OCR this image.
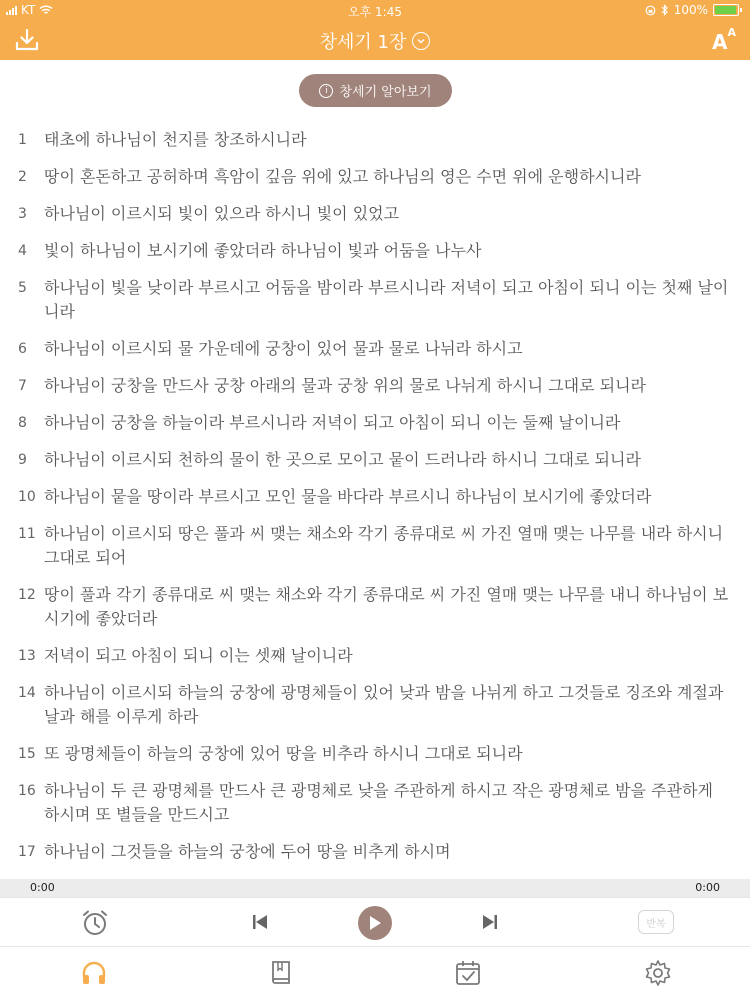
KT	오후 1:45	100%
창세기 1장	$A^A$
i 창세기 알아보기
1	태초에 하나님이 천지를 창조하시니라
2	땅이 혼돈하고 공허하며 흑암이 깊음 위에 있고 하나님의 영은 수면 위에 운행하시니라
3	하나님이 이르시되 빛이 있으라 하시니 빛이 있었고
4	빛이 하나님이 보시기에 좋았더라 하나님이 빛과 어둠을 나누사
5	하나님이 빛을 낮이라 부르시고 어둠을 밤이라 부르시니라 저녁이 되고 아침이 되니 이는 첫째 날이니라
6	하나님이 이르시되 물 가운데에 궁창이 있어 물과 물로 나뉘라 하시고
7	하나님이 궁창을 만드사 궁창 아래의 물과 궁창 위의 물로 나뉘게 하시니 그대로 되니라
8	하나님이 궁창을 하늘이라 부르시니라 저녁이 되고 아침이 되니 이는 둘째 날이니라
9	하나님이 이르시되 천하의 물이 한 곳으로 모이고 뭍이 드러나라 하시니 그대로 되니라
10 하나님이 뭍을 땅이라 부르시고 모인 물을 바다라 부르시니 하나님이 보시기에 좋았더라
11 하나님이 이르시되 땅은 풀과 씨 맺는 채소와 각기 종류대로 씨 가진 열매 맺는 나무를 내라 하시니 그대로 되어
12 땅이 풀과 각기 종류대로 씨 맺는 채소와 각기 종류대로 씨 가진 열매 맺는 나무를 내니 하나님이 보시기에 좋았더라
13 저녁이 되고 아침이 되니 이는 셋째 날이니라
14 하나님이 이르시되 하늘의 궁창에 광명체들이 있어 낮과 밤을 나뉘게 하고 그것들로 징조와 계절과 날과 해를 이루게 하라
15 또 광명체들이 하늘의 궁창에 있어 땅을 비추라 하시니 그대로 되니라
16 하나님이 두 큰 광명체를 만드사 큰 광명체로 낮을 주관하게 하시고 작은 광명체로 밤을 주관하게 하시며 또 별들을 만드시고
17 하나님이 그것들을 하늘의 궁창에 두어 땅을 비추게 하시며
0:00	0:00
반복
